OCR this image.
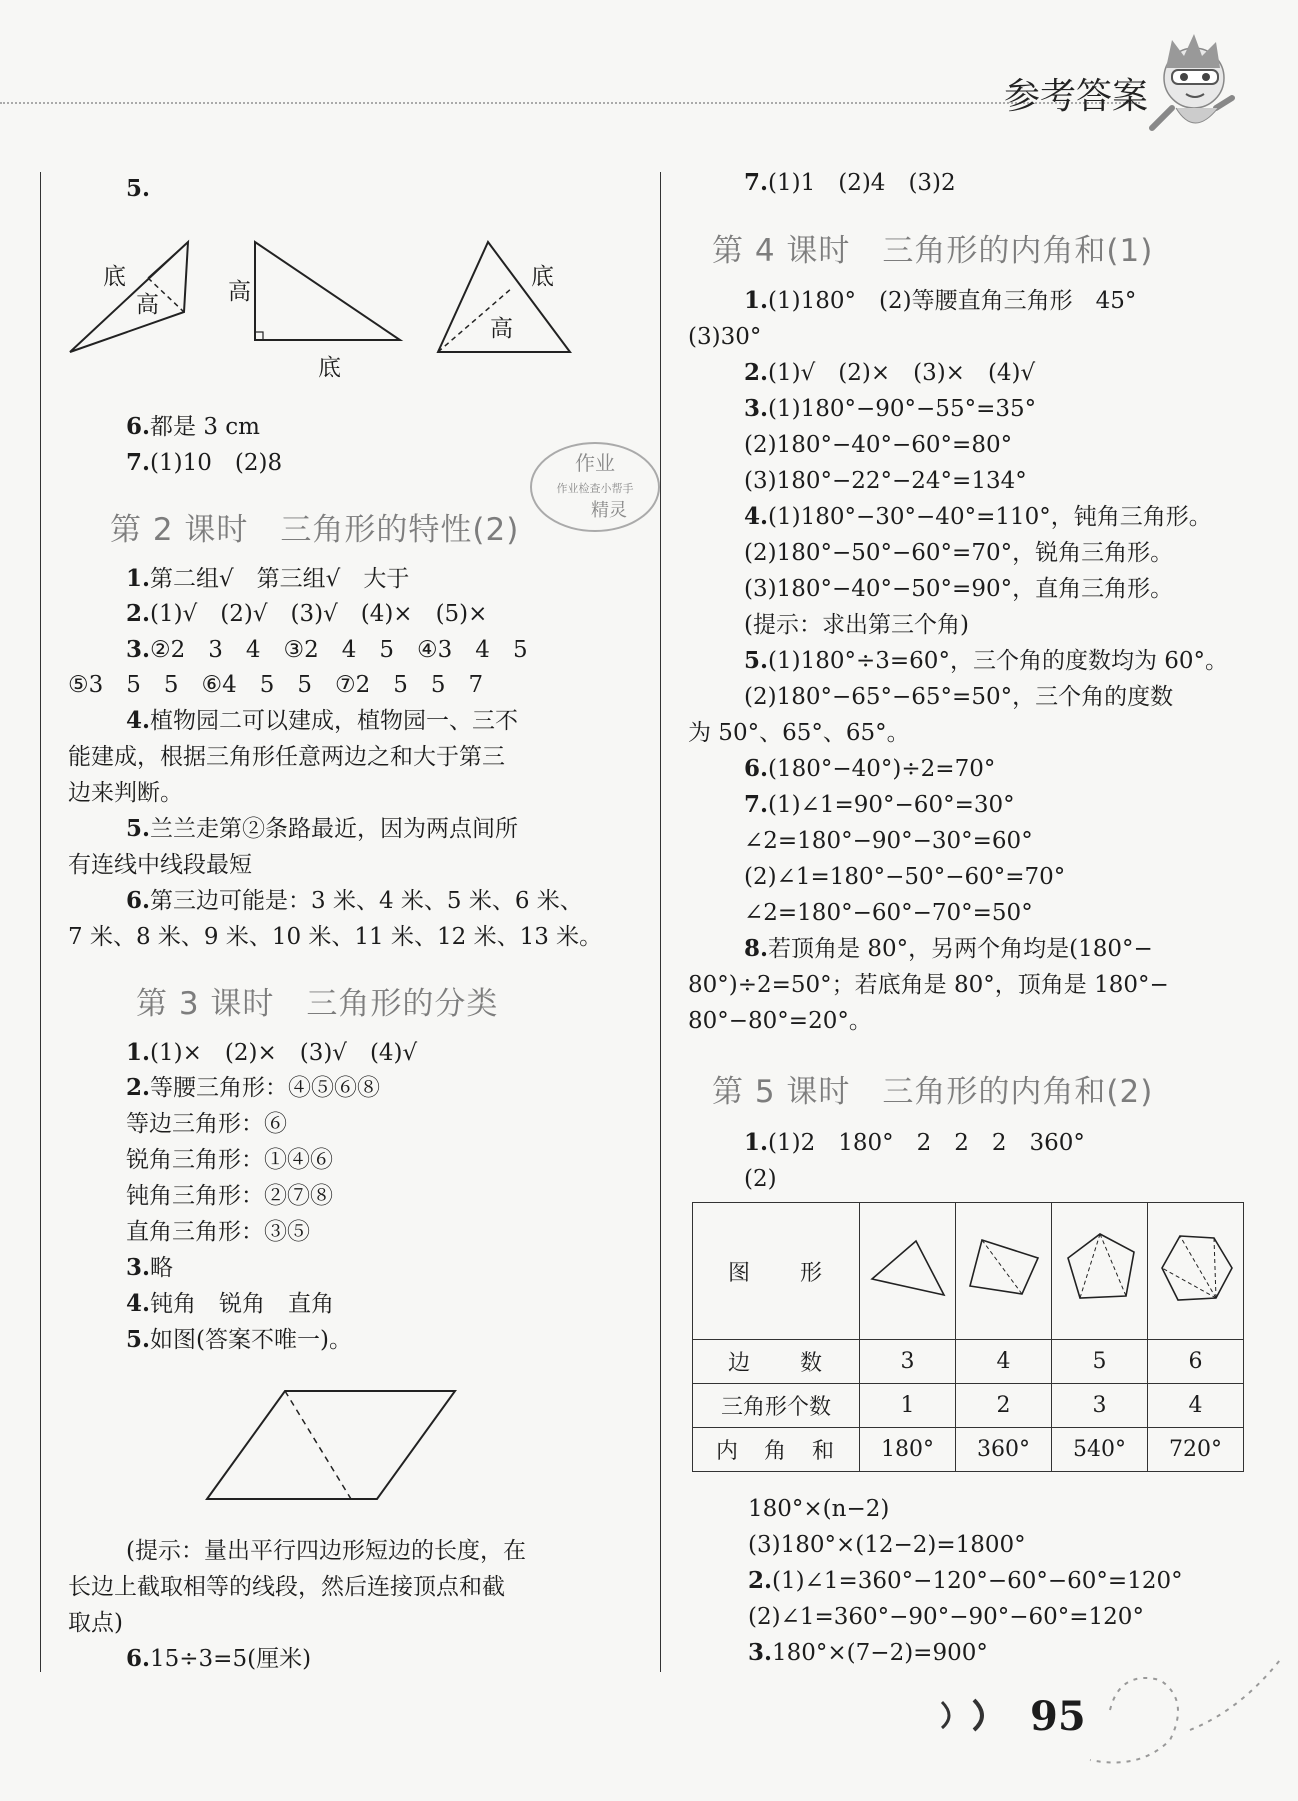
参考答案
5.
底
高	高
底
底
高
6.都是 3 cm
7.(1)10　(2)8	作业
作业检查小帮手
精灵
第 2 课时　三角形的特性(2)
1.第二组√　第三组√　大于
2.(1)√　(2)√　(3)√　(4)×　(5)×
3.②2　3　4　③2　4　5　④3　4　5
⑤3　5　5　⑥4　5　5　⑦2　5　5　7
4.植物园二可以建成，植物园一、三不
能建成，根据三角形任意两边之和大于第三
边来判断。
5.兰兰走第②条路最近，因为两点间所
有连线中线段最短
6.第三边可能是：3 米、4 米、5 米、6 米、
7 米、8 米、9 米、10 米、11 米、12 米、13 米。
第 3 课时　三角形的分类
1.(1)×　(2)×　(3)√　(4)√
2.等腰三角形：④⑤⑥⑧
等边三角形：⑥
锐角三角形：①④⑥
钝角三角形：②⑦⑧
直角三角形：③⑤
3.略
4.钝角　锐角　直角
5.如图(答案不唯一)。
(提示：量出平行四边形短边的长度，在
长边上截取相等的线段，然后连接顶点和截
取点)
6.15÷3=5(厘米)
7.(1)1　(2)4　(3)2
第 4 课时　三角形的内角和(1)
1.(1)180°　(2)等腰直角三角形　45°
(3)30°
2.(1)√　(2)×　(3)×　(4)√
3.(1)180°−90°−55°=35°
(2)180°−40°−60°=80°
(3)180°−22°−24°=134°
4.(1)180°−30°−40°=110°，钝角三角形。
(2)180°−50°−60°=70°，锐角三角形。
(3)180°−40°−50°=90°，直角三角形。
(提示：求出第三个角)
5.(1)180°÷3=60°，三个角的度数均为 60°。
(2)180°−65°−65°=50°，三个角的度数
为 50°、65°、65°。
6.(180°−40°)÷2=70°
7.(1)∠1=90°−60°=30°
∠2=180°−90°−30°=60°
(2)∠1=180°−50°−60°=70°
∠2=180°−60°−70°=50°
8.若顶角是 80°，另两个角均是(180°−
80°)÷2=50°；若底角是 80°，顶角是 180°−
80°−80°=20°。
第 5 课时　三角形的内角和(2)
1.(1)2　180°　2　2　2　360°
(2)
图　　形				
边　　数	3	4	5	6
三角形个数	1	2	3	4
内　角　和	180°	360°	540°	720°
180°×(n−2)
(3)180°×(12−2)=1800°
2.(1)∠1=360°−120°−60°−60°=120°
(2)∠1=360°−90°−90°−60°=120°
3.180°×(7−2)=900°
95
